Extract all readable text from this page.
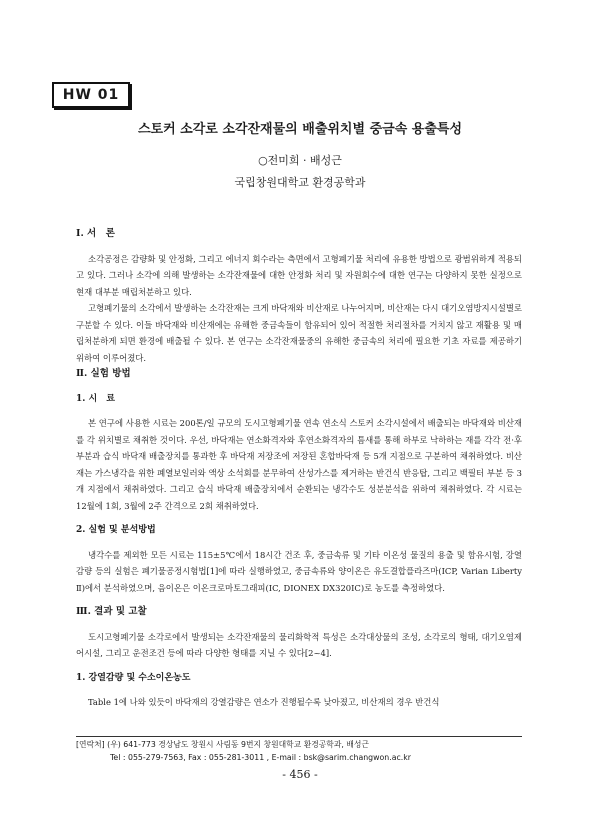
HW 01
스토커 소각로 소각잔재물의 배출위치별 중금속 용출특성
○전미희 · 배성근
국립창원대학교 환경공학과

Ⅰ. 서　론

소각공정은 감량화 및 안정화, 그리고 에너지 회수라는 측면에서 고형폐기물 처리에 유용한 방법으로 광범위하게 적용되고 있다. 그러나 소각에 의해 발생하는 소각잔재물에 대한 안정화 처리 및 자원회수에 대한 연구는 다양하지 못한 실정으로 현재 대부분 매립처분하고 있다.

고형폐기물의 소각에서 발생하는 소각잔재는 크게 바닥재와 비산재로 나누어지며, 비산재는 다시 대기오염방지시설별로 구분할 수 있다. 이들 바닥재와 비산재에는 유해한 중금속들이 함유되어 있어 적절한 처리절차를 거치지 않고 재활용 및 매립처분하게 되면 환경에 배출될 수 있다. 본 연구는 소각잔재물중의 유해한 중금속의 처리에 필요한 기초 자료를 제공하기 위하여 이루어졌다.

Ⅱ. 실험 방법

1. 시　료

본 연구에 사용한 시료는 200톤/일 규모의 도시고형폐기물 연속 연소식 스토커 소각시설에서 배출되는 바닥재와 비산재를 각 위치별로 채취한 것이다. 우선, 바닥재는 연소화격자와 후연소화격자의 틈새를 통해 하부로 낙하하는 재를 각각 전·후 부분과 습식 바닥재 배출장치를 통과한 후 바닥재 저장조에 저장된 혼합바닥재 등 5개 지점으로 구분하여 채취하였다. 비산재는 가스냉각을 위한 폐열보일러와 액상 소석회를 분무하여 산성가스를 제거하는 반건식 반응탑, 그리고 백필터 부분 등 3개 지점에서 채취하였다. 그리고 습식 바닥재 배출장치에서 순환되는 냉각수도 성분분석을 위하여 채취하였다. 각 시료는 12월에 1회, 3월에 2주 간격으로 2회 채취하였다.

2. 실험 및 분석방법

냉각수를 제외한 모든 시료는 115±5℃에서 18시간 건조 후, 중금속류 및 기타 이온성 물질의 용출 및 함유시험, 강열감량 등의 실험은 폐기물공정시험법[1]에 따라 실행하였고, 중금속류와 양이온은 유도결합플라즈마(ICP, Varian Liberty Ⅱ)에서 분석하였으며, 음이온은 이온크로마토그래피(IC, DIONEX DX320IC)로 농도를 측정하였다.

Ⅲ. 결과 및 고찰

도시고형폐기물 소각로에서 발생되는 소각잔재물의 물리화학적 특성은 소각대상물의 조성, 소각로의 형태, 대기오염제어시설, 그리고 운전조건 등에 따라 다양한 형태를 지닐 수 있다[2~4].

1. 강열감량 및 수소이온농도

Table 1에 나와 있듯이 바닥재의 강열감량은 연소가 진행될수록 낮아졌고, 비산재의 경우 반건식

[연락처] (우) 641-773 경상남도 창원시 사림동 9번지 창원대학교 환경공학과, 배성근
Tel : 055-279-7563, Fax : 055-281-3011 , E-mail : bsk@sarim.changwon.ac.kr
- 456 -
